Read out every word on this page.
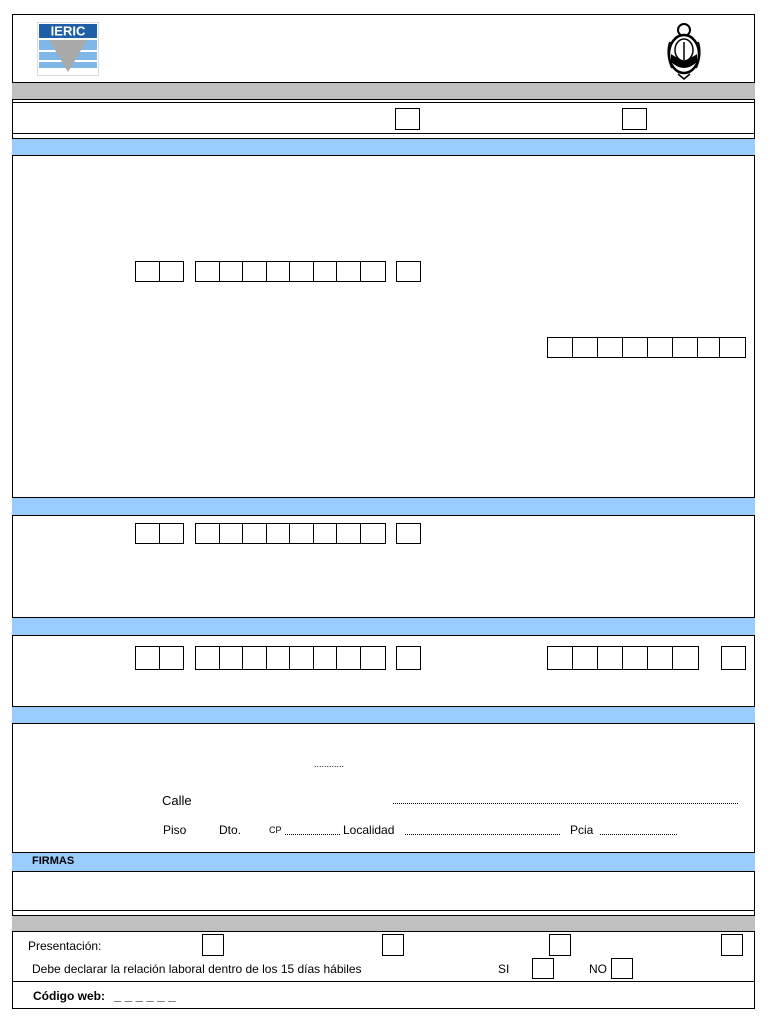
IERIC
............
Calle
Piso	Dto.	CP	Localidad	Pcia
FIRMAS
Presentación:
Debe declarar la relación laboral dentro de los 15 días hábiles	SI	NO
Código web: _ _ _ _ _ _
